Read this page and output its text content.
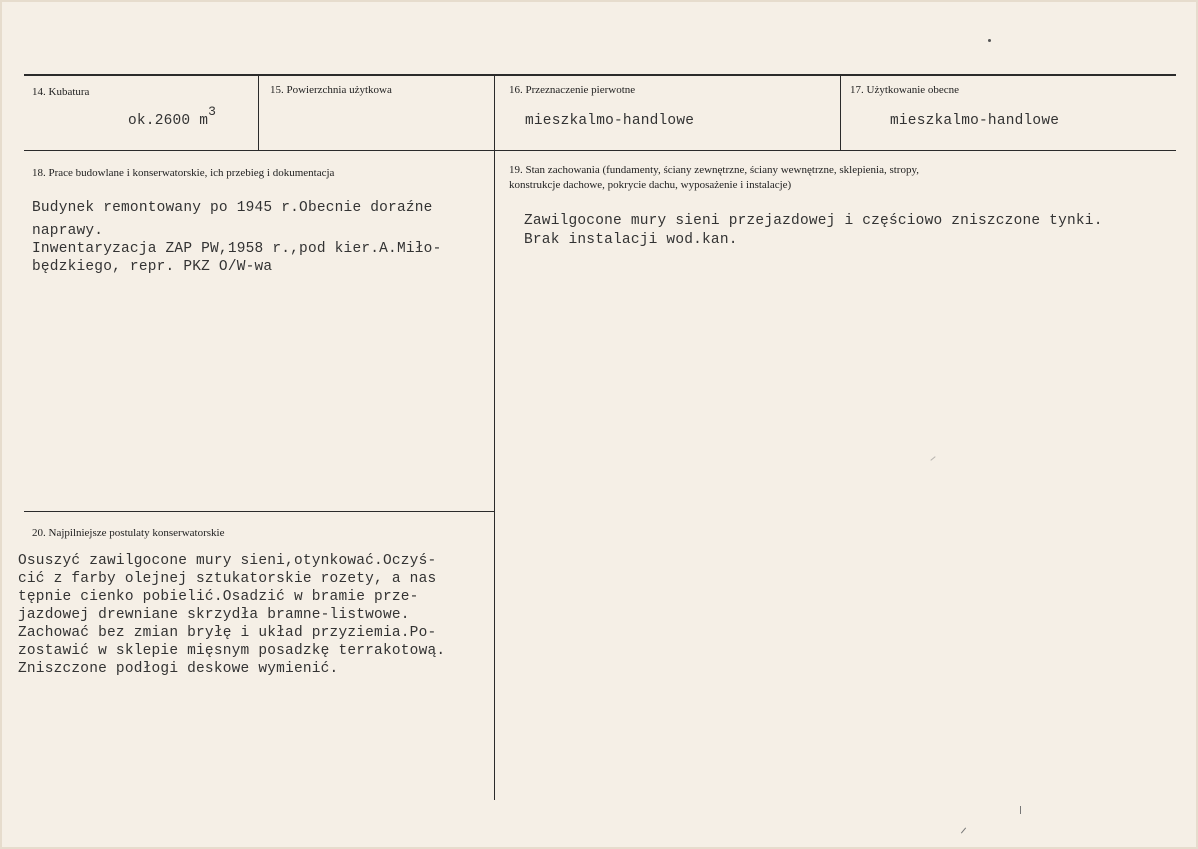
14. Kubatura
ok.2600 $m^3$
15. Powierzchnia użytkowa	16. Przeznaczenie pierwotne
mieszkalmo-handlowe
17. Użytkowanie obecne
mieszkalmo-handlowe
18. Prace budowlane i konserwatorskie, ich przebieg i dokumentacja
Budynek remontowany po 1945 r.Obecnie doraźne
naprawy.
Inwentaryzacja ZAP PW,1958 r.,pod kier.A.Miło-
będzkiego, repr. PKZ O/W-wa
19. Stan zachowania (fundamenty, ściany zewnętrzne, ściany wewnętrzne, sklepienia, stropy,
konstrukcje dachowe, pokrycie dachu, wyposażenie i instalacje)
Zawilgocone mury sieni przejazdowej i częściowo zniszczone tynki.
Brak instalacji wod.kan.
20. Najpilniejsze postulaty konserwatorskie
Osuszyć zawilgocone mury sieni,otynkować.Oczyś-
cić z farby olejnej sztukatorskie rozety, a nas
tępnie cienko pobielić.Osadzić w bramie prze-
jazdowej drewniane skrzydła bramne-listwowe.
Zachować bez zmian bryłę i układ przyziemia.Po-
zostawić w sklepie mięsnym posadzkę terrakotową.
Zniszczone podłogi deskowe wymienić.
